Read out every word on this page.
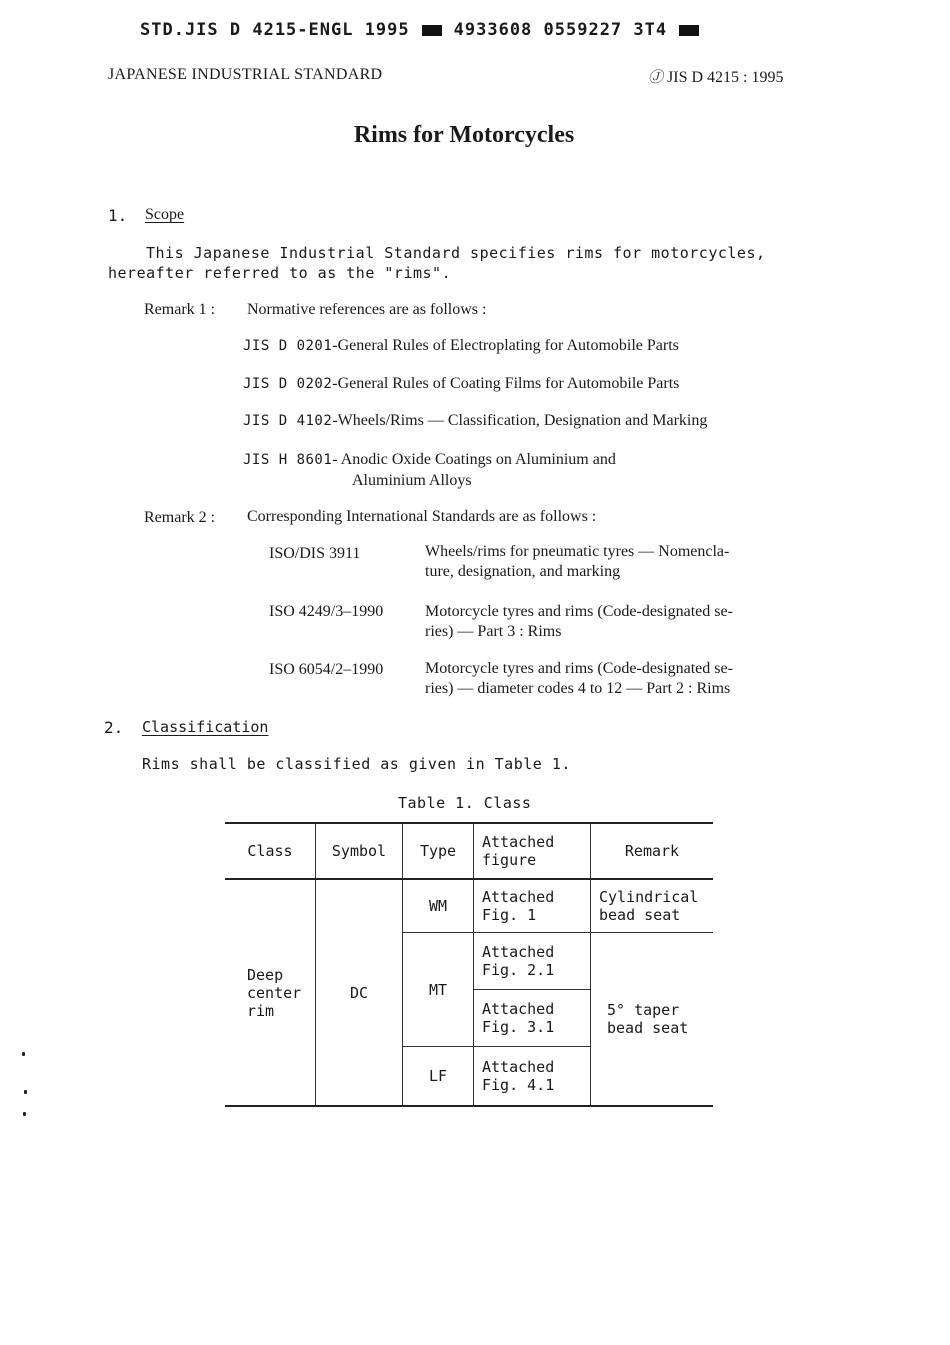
STD.JIS D 4215-ENGL 1995	4933608 0559227 3T4
JAPANESE INDUSTRIAL STANDARD	Ⓙ JIS D 4215 : 1995
Rims for Motorcycles
1. Scope
This Japanese Industrial Standard specifies rims for motorcycles,
hereafter referred to as the "rims".
Remark 1 : Normative references are as follows :
JIS D 0201-General Rules of Electroplating for Automobile Parts
JIS D 0202-General Rules of Coating Films for Automobile Parts
JIS D 4102-Wheels/Rims — Classification, Designation and Marking
JIS H 8601- Anodic Oxide Coatings on Aluminium and
Aluminium Alloys
Remark 2 : Corresponding International Standards are as follows :
ISO/DIS 3911	Wheels/rims for pneumatic tyres — Nomencla-
ture, designation, and marking
ISO 4249/3–1990	Motorcycle tyres and rims (Code-designated se-
ries) — Part 3 : Rims
ISO 6054/2–1990	Motorcycle tyres and rims (Code-designated se-
ries) — diameter codes 4 to 12 — Part 2 : Rims
2. Classification
Rims shall be classified as given in Table 1.
Table 1. Class
Class	Symbol	Type	Attached figure	Remark
Deep center rim	DC	WM	Attached Fig. 1	Cylindrical bead seat
		MT	Attached Fig. 2.1	5° taper bead seat
			Attached Fig. 3.1	
		LF	Attached Fig. 4.1	
